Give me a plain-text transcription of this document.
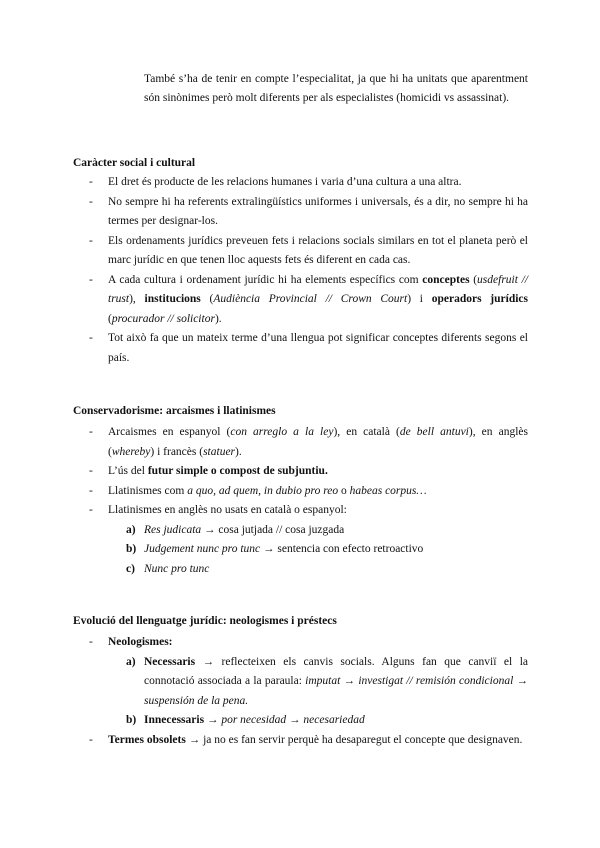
També s’ha de tenir en compte l’especialitat, ja que hi ha unitats que aparentment són sinònimes però molt diferents per als especialistes (homicidi vs assassinat).

Caràcter social i cultural
- El dret és producte de les relacions humanes i varia d’una cultura a una altra.
- No sempre hi ha referents extralingüístics uniformes i universals, és a dir, no sempre hi ha termes per designar-los.
- Els ordenaments jurídics preveuen fets i relacions socials similars en tot el planeta però el marc jurídic en que tenen lloc aquests fets és diferent en cada cas.
- A cada cultura i ordenament jurídic hi ha elements específics com conceptes (usdefruit // trust), institucions (Audiència Provincial // Crown Court) i operadors jurídics (procurador // solicitor).
- Tot això fa que un mateix terme d’una llengua pot significar conceptes diferents segons el país.
Conservadorisme: arcaismes i llatinismes
- Arcaismes en espanyol (con arreglo a la ley), en català (de bell antuvi), en anglès (whereby) i francès (statuer).
- L’ús del futur simple o compost de subjuntiu.
- Llatinismes com a quo, ad quem, in dubio pro reo o habeas corpus…
- Llatinismes en anglès no usats en català o espanyol:
a) Res judicata → cosa jutjada // cosa juzgada
b) Judgement nunc pro tunc → sentencia con efecto retroactivo
c) Nunc pro tunc
Evolució del llenguatge jurídic: neologismes i préstecs
- Neologismes:
a) Necessaris → reflecteixen els canvis socials. Alguns fan que canviï el la connotació associada a la paraula: imputat → investigat // remisión condicional → suspensión de la pena.
b) Innecessaris → por necesidad → necesariedad
- Termes obsolets → ja no es fan servir perquè ha desaparegut el concepte que designaven.
